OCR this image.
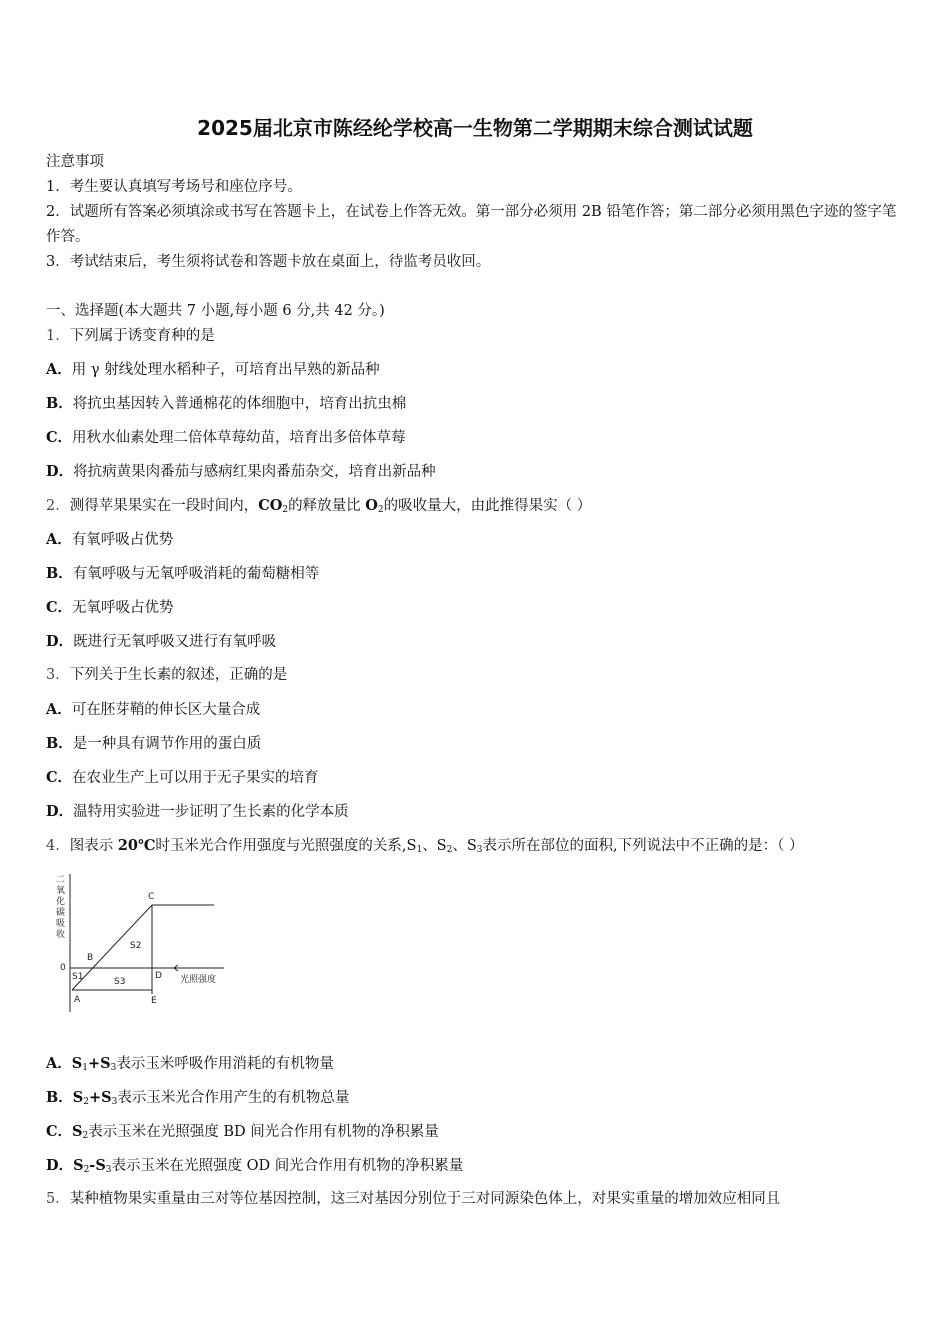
2025届北京市陈经纶学校高一生物第二学期期末综合测试试题
注意事项
1．考生要认真填写考场号和座位序号。
2．试题所有答案必须填涂或书写在答题卡上，在试卷上作答无效。第一部分必须用 2B 铅笔作答；第二部分必须用黑色字迹的签字笔作答。
3．考试结束后，考生须将试卷和答题卡放在桌面上，待监考员收回。
一、选择题(本大题共 7 小题,每小题 6 分,共 42 分。)
1．下列属于诱变育种的是
A．用 γ 射线处理水稻种子，可培育出早熟的新品种
B．将抗虫基因转入普通棉花的体细胞中，培育出抗虫棉
C．用秋水仙素处理二倍体草莓幼苗，培育出多倍体草莓
D．将抗病黄果肉番茄与感病红果肉番茄杂交，培育出新品种
2．测得苹果果实在一段时间内，$CO_2$的释放量比 $O_2$的吸收量大，由此推得果实（ ）
A．有氧呼吸占优势
B．有氧呼吸与无氧呼吸消耗的葡萄糖相等
C．无氧呼吸占优势
D．既进行无氧呼吸又进行有氧呼吸
3．下列关于生长素的叙述，正确的是
A．可在胚芽鞘的伸长区大量合成
B．是一种具有调节作用的蛋白质
C．在农业生产上可以用于无子果实的培育
D．温特用实验进一步证明了生长素的化学本质
4．图表示 20℃时玉米光合作用强度与光照强度的关系$,S_1$、$S_2$、$S_3$表示所在部位的面积,下列说法中不正确的是：（ ）
二氧化碳吸收
0
A
B
C
D
E
S1
S2
S3	光照强度
A．$S_1+S_3$表示玉米呼吸作用消耗的有机物量
B．$S_2+S_3$表示玉米光合作用产生的有机物总量
C．$S_2$表示玉米在光照强度 BD 间光合作用有机物的净积累量
D．$S_2-S_3$表示玉米在光照强度 OD 间光合作用有机物的净积累量
5．某种植物果实重量由三对等位基因控制，这三对基因分别位于三对同源染色体上，对果实重量的增加效应相同且
